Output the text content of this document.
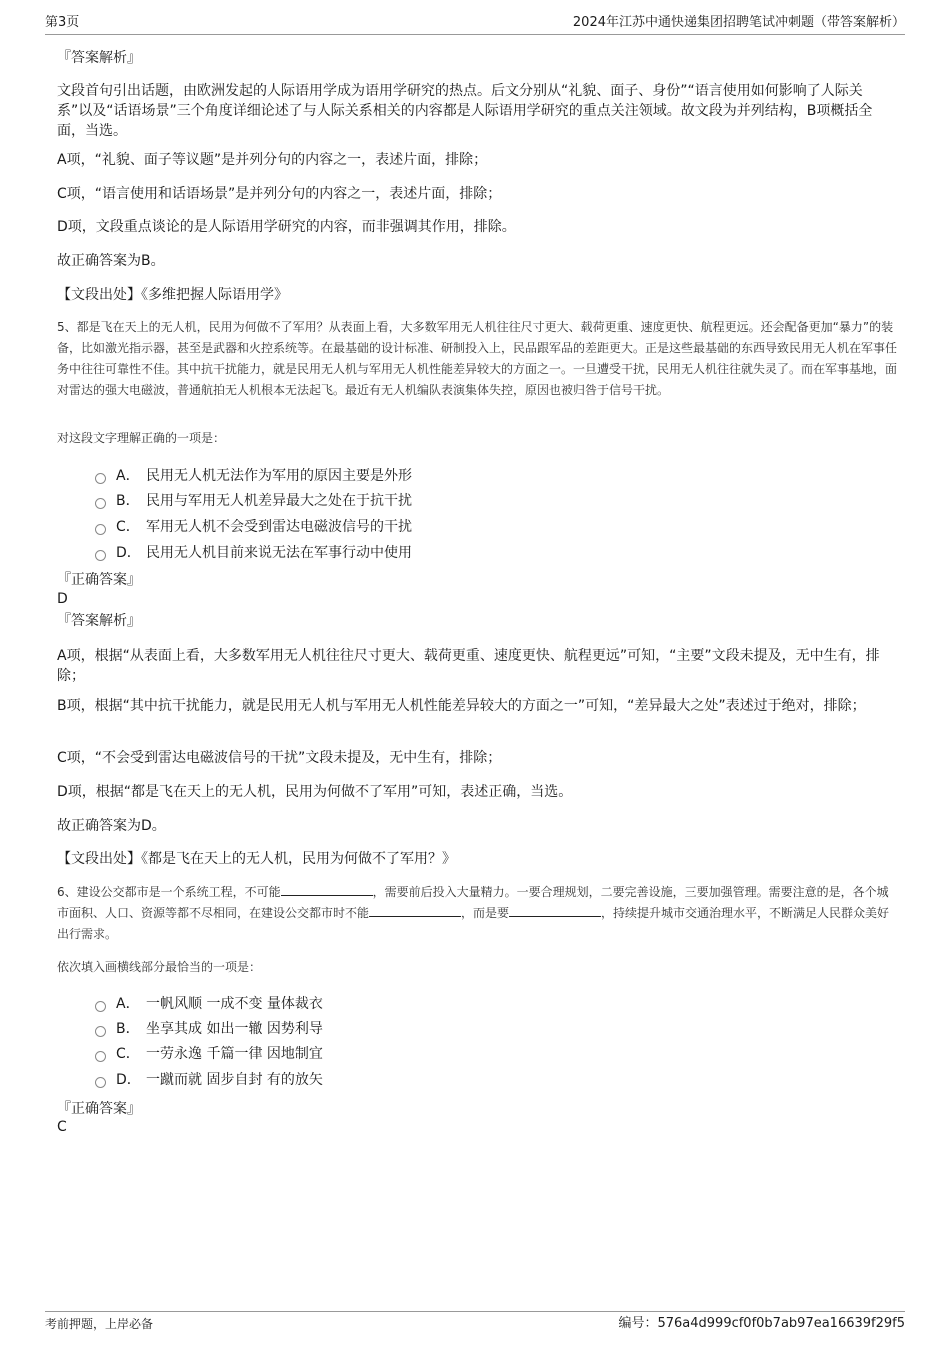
第3页	2024年江苏中通快递集团招聘笔试冲刺题（带答案解析）
『答案解析』

文段首句引出话题，由欧洲发起的人际语用学成为语用学研究的热点。后文分别从“礼貌、面子、身份”“语言使用如何影响了人际关系”以及“话语场景”三个角度详细论述了与人际关系相关的内容都是人际语用学研究的重点关注领域。故文段为并列结构，B项概括全面，当选。

A项，“礼貌、面子等议题”是并列分句的内容之一，表述片面，排除；

C项，“语言使用和话语场景”是并列分句的内容之一，表述片面，排除；

D项，文段重点谈论的是人际语用学研究的内容，而非强调其作用，排除。

故正确答案为B。

【文段出处】《多维把握人际语用学》

5、都是飞在天上的无人机，民用为何做不了军用？从表面上看，大多数军用无人机往往尺寸更大、载荷更重、速度更快、航程更远。还会配备更加“暴力”的装备，比如激光指示器，甚至是武器和火控系统等。在最基础的设计标准、研制投入上，民品跟军品的差距更大。正是这些最基础的东西导致民用无人机在军事任务中往往可靠性不佳。其中抗干扰能力，就是民用无人机与军用无人机性能差异较大的方面之一。一旦遭受干扰，民用无人机往往就失灵了。而在军事基地，面对雷达的强大电磁波，普通航拍无人机根本无法起飞。最近有无人机编队表演集体失控，原因也被归咎于信号干扰。

对这段文字理解正确的一项是：

A． 民用无人机无法作为军用的原因主要是外形
B． 民用与军用无人机差异最大之处在于抗干扰
C． 军用无人机不会受到雷达电磁波信号的干扰
D． 民用无人机目前来说无法在军事行动中使用
『正确答案』
D
『答案解析』

A项，根据“从表面上看，大多数军用无人机往往尺寸更大、载荷更重、速度更快、航程更远”可知，“主要”文段未提及，无中生有，排除；

B项，根据“其中抗干扰能力，就是民用无人机与军用无人机性能差异较大的方面之一”可知，“差异最大之处”表述过于绝对，排除；

C项，“不会受到雷达电磁波信号的干扰”文段未提及，无中生有，排除；

D项，根据“都是飞在天上的无人机，民用为何做不了军用”可知，表述正确，当选。

故正确答案为D。

【文段出处】《都是飞在天上的无人机，民用为何做不了军用？》

6、建设公交都市是一个系统工程，不可能	，需要前后投入大量精力。一要合理规划，二要完善设施，三要加强管理。需要注意的是，各个城市面积、人口、资源等都不尽相同，在建设公交都市时不能	，而是要	，持续提升城市交通治理水平，不断满足人民群众美好出行需求。

依次填入画横线部分最恰当的一项是：

A． 一帆风顺 一成不变 量体裁衣
B． 坐享其成 如出一辙 因势利导
C． 一劳永逸 千篇一律 因地制宜
D． 一蹴而就 固步自封 有的放矢
『正确答案』
C
考前押题，上岸必备	编号：576a4d999cf0f0b7ab97ea16639f29f5
